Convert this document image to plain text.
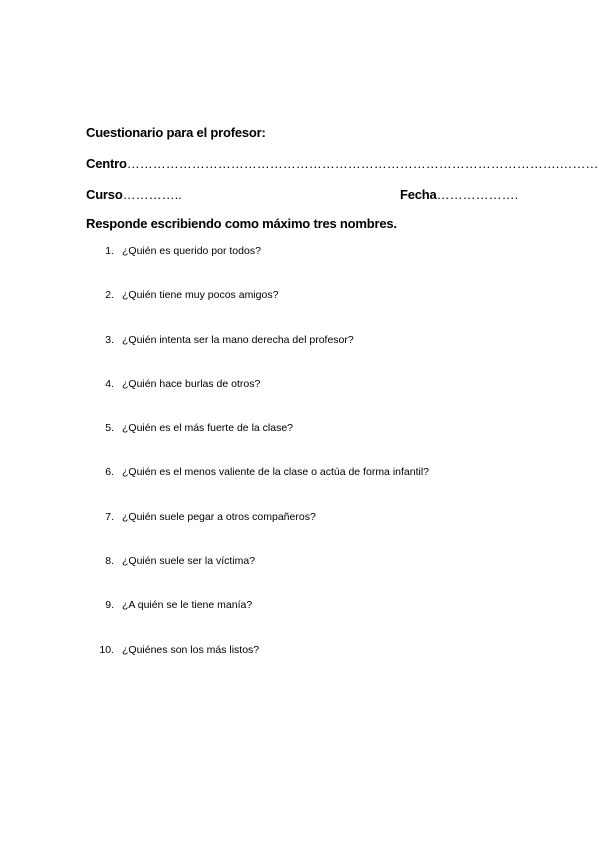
Cuestionario para el profesor:
Centro……………………………………………………………………………………….………
Curso…………..	Fecha……………….
Responde escribiendo como máximo tres nombres.
1. ¿Quién es querido por todos?
2. ¿Quién tiene muy pocos amigos?
3. ¿Quién intenta ser la mano derecha del profesor?
4. ¿Quién hace burlas de otros?
5. ¿Quién es el más fuerte de la clase?
6. ¿Quién es el menos valiente de la clase o actúa de forma infantil?
7. ¿Quién suele pegar a otros compañeros?
8. ¿Quién suele ser la víctima?
9. ¿A quién se le tiene manía?
10. ¿Quiénes son los más listos?
